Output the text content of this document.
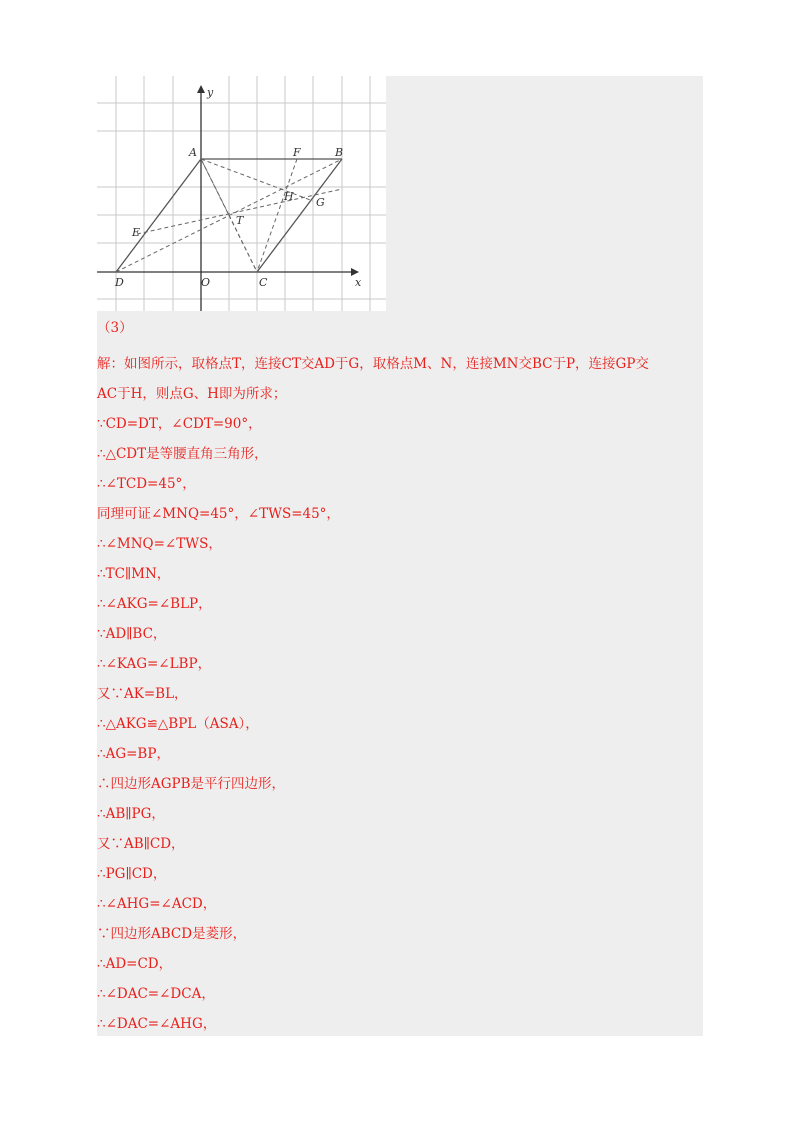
y
x
A	B
C
D	O
E
F
G
H
T
（3）
解：如图所示，取格点T，连接CT交AD于G，取格点M、N，连接MN交BC于P，连接GP交
AC于H，则点G、H即为所求；
∵CD=DT，∠CDT=90°，
∴△CDT是等腰直角三角形，
∴∠TCD=45°，
同理可证∠MNQ=45°，∠TWS=45°，
∴∠MNQ=∠TWS，
∴TC∥MN，
∴∠AKG=∠BLP，
∵AD∥BC，
∴∠KAG=∠LBP，
又∵AK=BL，
∴△AKG≌△BPL（ASA），
∴AG=BP，
∴四边形AGPB是平行四边形，
∴AB∥PG，
又∵AB∥CD，
∴PG∥CD，
∴∠AHG=∠ACD，
∵四边形ABCD是菱形，
∴AD=CD，
∴∠DAC=∠DCA，
∴∠DAC=∠AHG，
